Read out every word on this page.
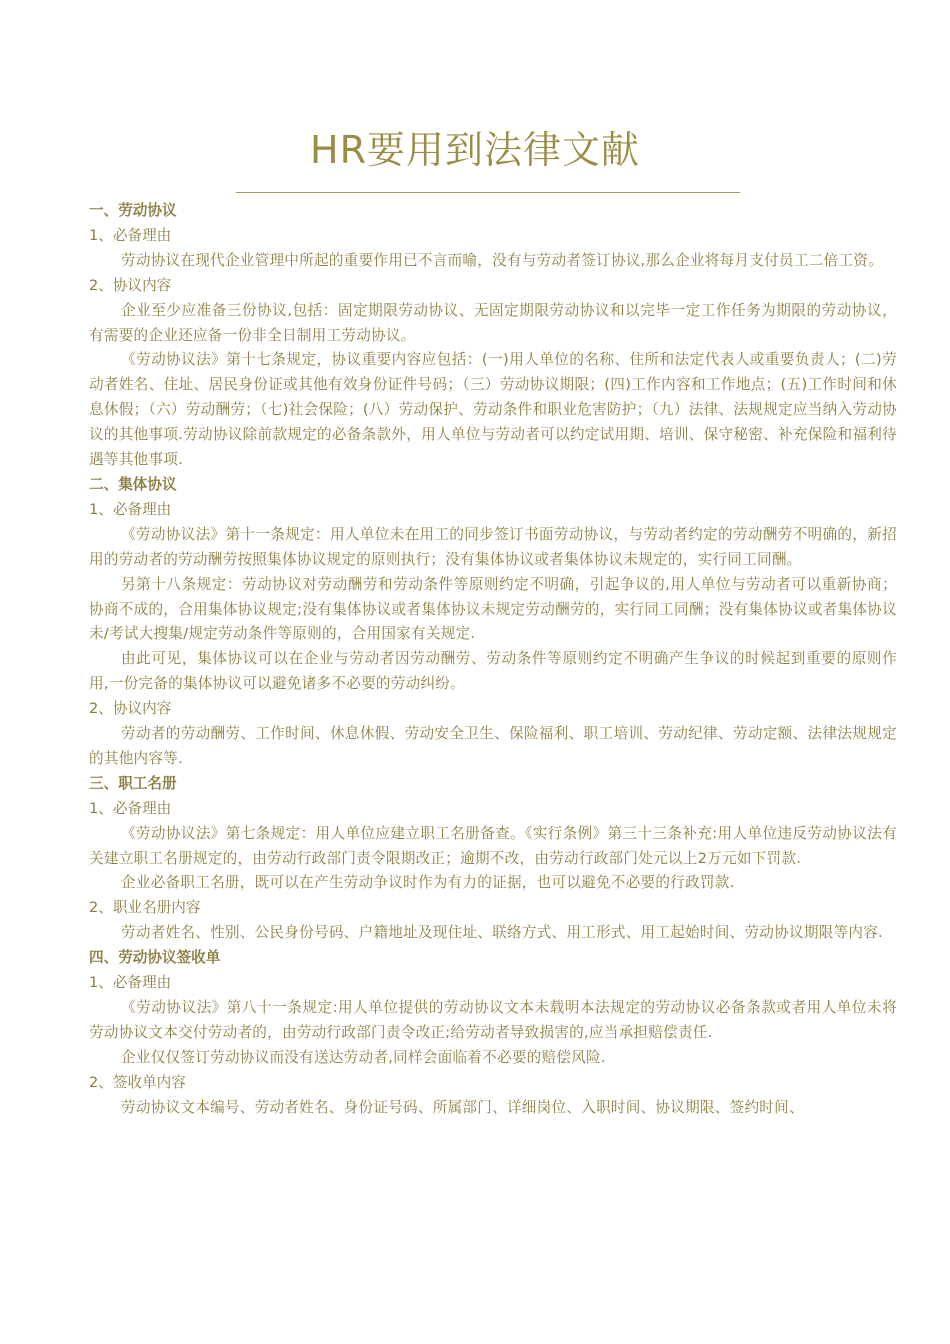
HR要用到法律文献
一、劳动协议

1、必备理由

劳动协议在现代企业管理中所起的重要作用已不言而喻，没有与劳动者签订协议,那么企业将每月支付员工二倍工资。

2、协议内容

企业至少应准备三份协议,包括：固定期限劳动协议、无固定期限劳动协议和以完毕一定工作任务为期限的劳动协议，有需要的企业还应备一份非全日制用工劳动协议。

《劳动协议法》第十七条规定，协议重要内容应包括：(一)用人单位的名称、住所和法定代表人或重要负责人；(二)劳动者姓名、住址、居民身份证或其他有效身份证件号码；（三）劳动协议期限；(四)工作内容和工作地点；(五)工作时间和休息休假；（六）劳动酬劳；（七)社会保险；(八）劳动保护、劳动条件和职业危害防护；（九）法律、法规规定应当纳入劳动协议的其他事项.劳动协议除前款规定的必备条款外，用人单位与劳动者可以约定试用期、培训、保守秘密、补充保险和福利待遇等其他事项.

二、集体协议

1、必备理由

《劳动协议法》第十一条规定：用人单位未在用工的同步签订书面劳动协议，与劳动者约定的劳动酬劳不明确的，新招用的劳动者的劳动酬劳按照集体协议规定的原则执行；没有集体协议或者集体协议未规定的，实行同工同酬。

另第十八条规定：劳动协议对劳动酬劳和劳动条件等原则约定不明确，引起争议的,用人单位与劳动者可以重新协商；协商不成的，合用集体协议规定;没有集体协议或者集体协议未规定劳动酬劳的，实行同工同酬；没有集体协议或者集体协议未/考试大搜集/规定劳动条件等原则的，合用国家有关规定.

由此可见，集体协议可以在企业与劳动者因劳动酬劳、劳动条件等原则约定不明确产生争议的时候起到重要的原则作用,一份完备的集体协议可以避免诸多不必要的劳动纠纷。

2、协议内容

劳动者的劳动酬劳、工作时间、休息休假、劳动安全卫生、保险福利、职工培训、劳动纪律、劳动定额、法律法规规定的其他内容等.

三、职工名册

1、必备理由

《劳动协议法》第七条规定：用人单位应建立职工名册备查。《实行条例》第三十三条补充:用人单位违反劳动协议法有关建立职工名册规定的，由劳动行政部门责令限期改正；逾期不改，由劳动行政部门处元以上2万元如下罚款.

企业必备职工名册，既可以在产生劳动争议时作为有力的证据，也可以避免不必要的行政罚款.

2、职业名册内容

劳动者姓名、性别、公民身份号码、户籍地址及现住址、联络方式、用工形式、用工起始时间、劳动协议期限等内容.

四、劳动协议签收单

1、必备理由

《劳动协议法》第八十一条规定:用人单位提供的劳动协议文本未载明本法规定的劳动协议必备条款或者用人单位未将劳动协议文本交付劳动者的，由劳动行政部门责令改正;给劳动者导致损害的,应当承担赔偿责任.

企业仅仅签订劳动协议而没有送达劳动者,同样会面临着不必要的赔偿风险.

2、签收单内容

劳动协议文本编号、劳动者姓名、身份证号码、所属部门、详细岗位、入职时间、协议期限、签约时间、
